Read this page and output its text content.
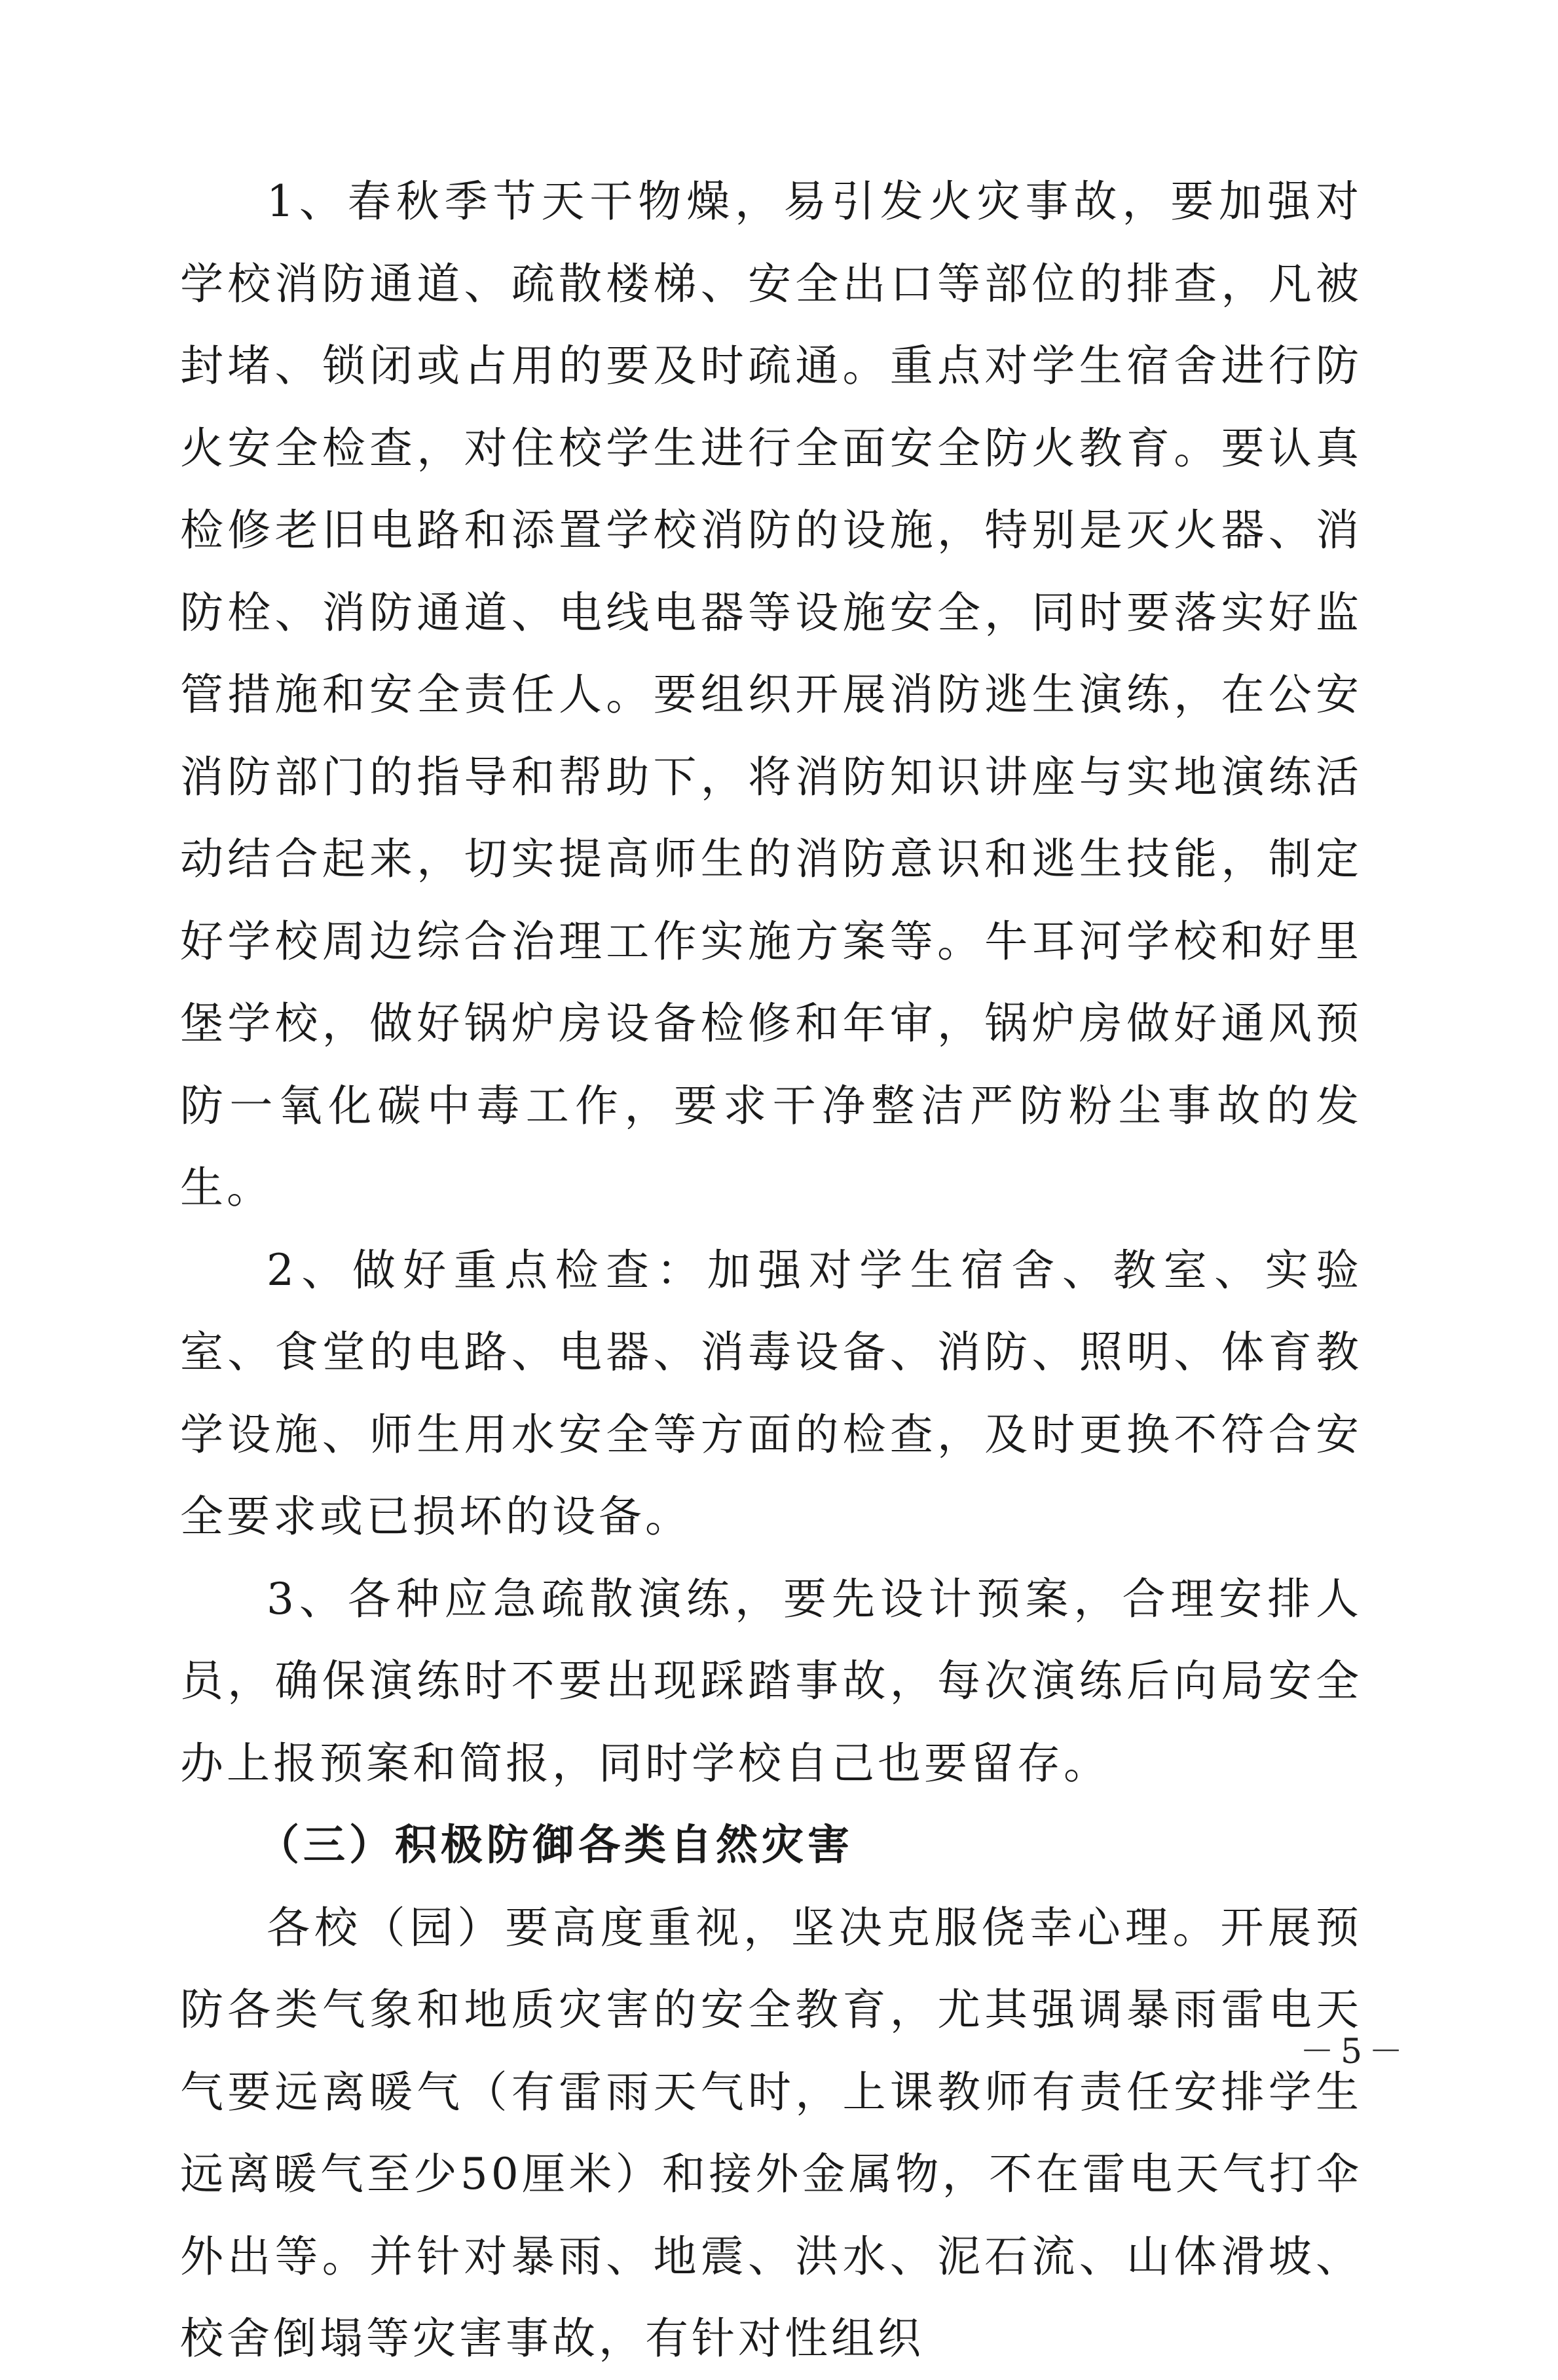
1、春秋季节天干物燥，易引发火灾事故，要加强对学校消防通道、疏散楼梯、安全出口等部位的排查，凡被封堵、锁闭或占用的要及时疏通。重点对学生宿舍进行防火安全检查，对住校学生进行全面安全防火教育。要认真检修老旧电路和添置学校消防的设施，特别是灭火器、消防栓、消防通道、电线电器等设施安全，同时要落实好监管措施和安全责任人。要组织开展消防逃生演练，在公安消防部门的指导和帮助下，将消防知识讲座与实地演练活动结合起来，切实提高师生的消防意识和逃生技能，制定好学校周边综合治理工作实施方案等。牛耳河学校和好里堡学校，做好锅炉房设备检修和年审，锅炉房做好通风预防一氧化碳中毒工作，要求干净整洁严防粉尘事故的发生。

2、做好重点检查：加强对学生宿舍、教室、实验室、食堂的电路、电器、消毒设备、消防、照明、体育教学设施、师生用水安全等方面的检查，及时更换不符合安全要求或已损坏的设备。

3、各种应急疏散演练，要先设计预案，合理安排人员，确保演练时不要出现踩踏事故，每次演练后向局安全办上报预案和简报，同时学校自己也要留存。

（三）积极防御各类自然灾害

各校（园）要高度重视，坚决克服侥幸心理。开展预防各类气象和地质灾害的安全教育，尤其强调暴雨雷电天气要远离暖气（有雷雨天气时，上课教师有责任安排学生远离暖气至少50厘米）和接外金属物，不在雷电天气打伞外出等。并针对暴雨、地震、洪水、泥石流、山体滑坡、校舍倒塌等灾害事故，有针对性组织

－5－
